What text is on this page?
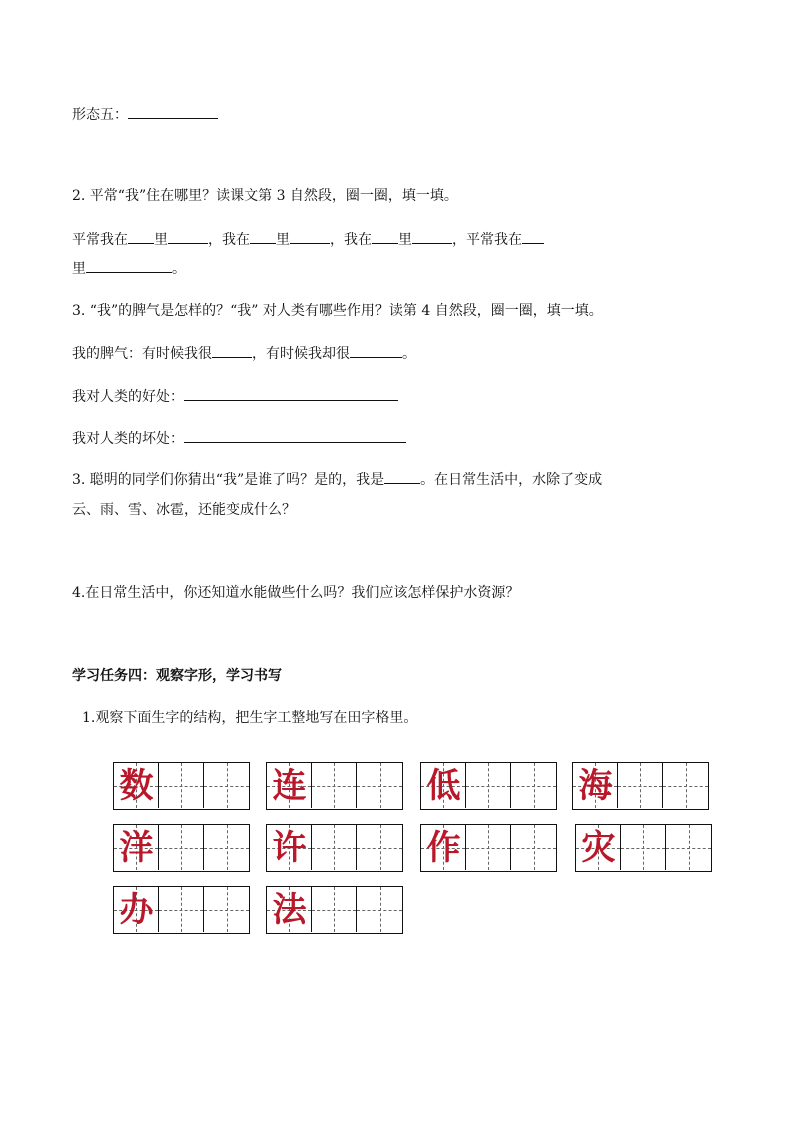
形态五：
2. 平常“我”住在哪里？读课文第 3 自然段，圈一圈，填一填。
平常我在 里	，我在 里	，我在 里	，平常我在
里	。
3. “我”的脾气是怎样的？“我” 对人类有哪些作用？读第 4 自然段，圈一圈，填一填。
我的脾气：有时候我很	，有时候我却很	。
我对人类的好处：
我对人类的坏处：
3. 聪明的同学们你猜出“我”是谁了吗？是的，我是	。在日常生活中，水除了变成
云、雨、雪、冰雹，还能变成什么？
4.在日常生活中，你还知道水能做些什么吗？我们应该怎样保护水资源？
学习任务四：观察字形，学习书写
1.观察下面生字的结构，把生字工整地写在田字格里。
数	连	低	海
洋	许	作	灾
办	法
